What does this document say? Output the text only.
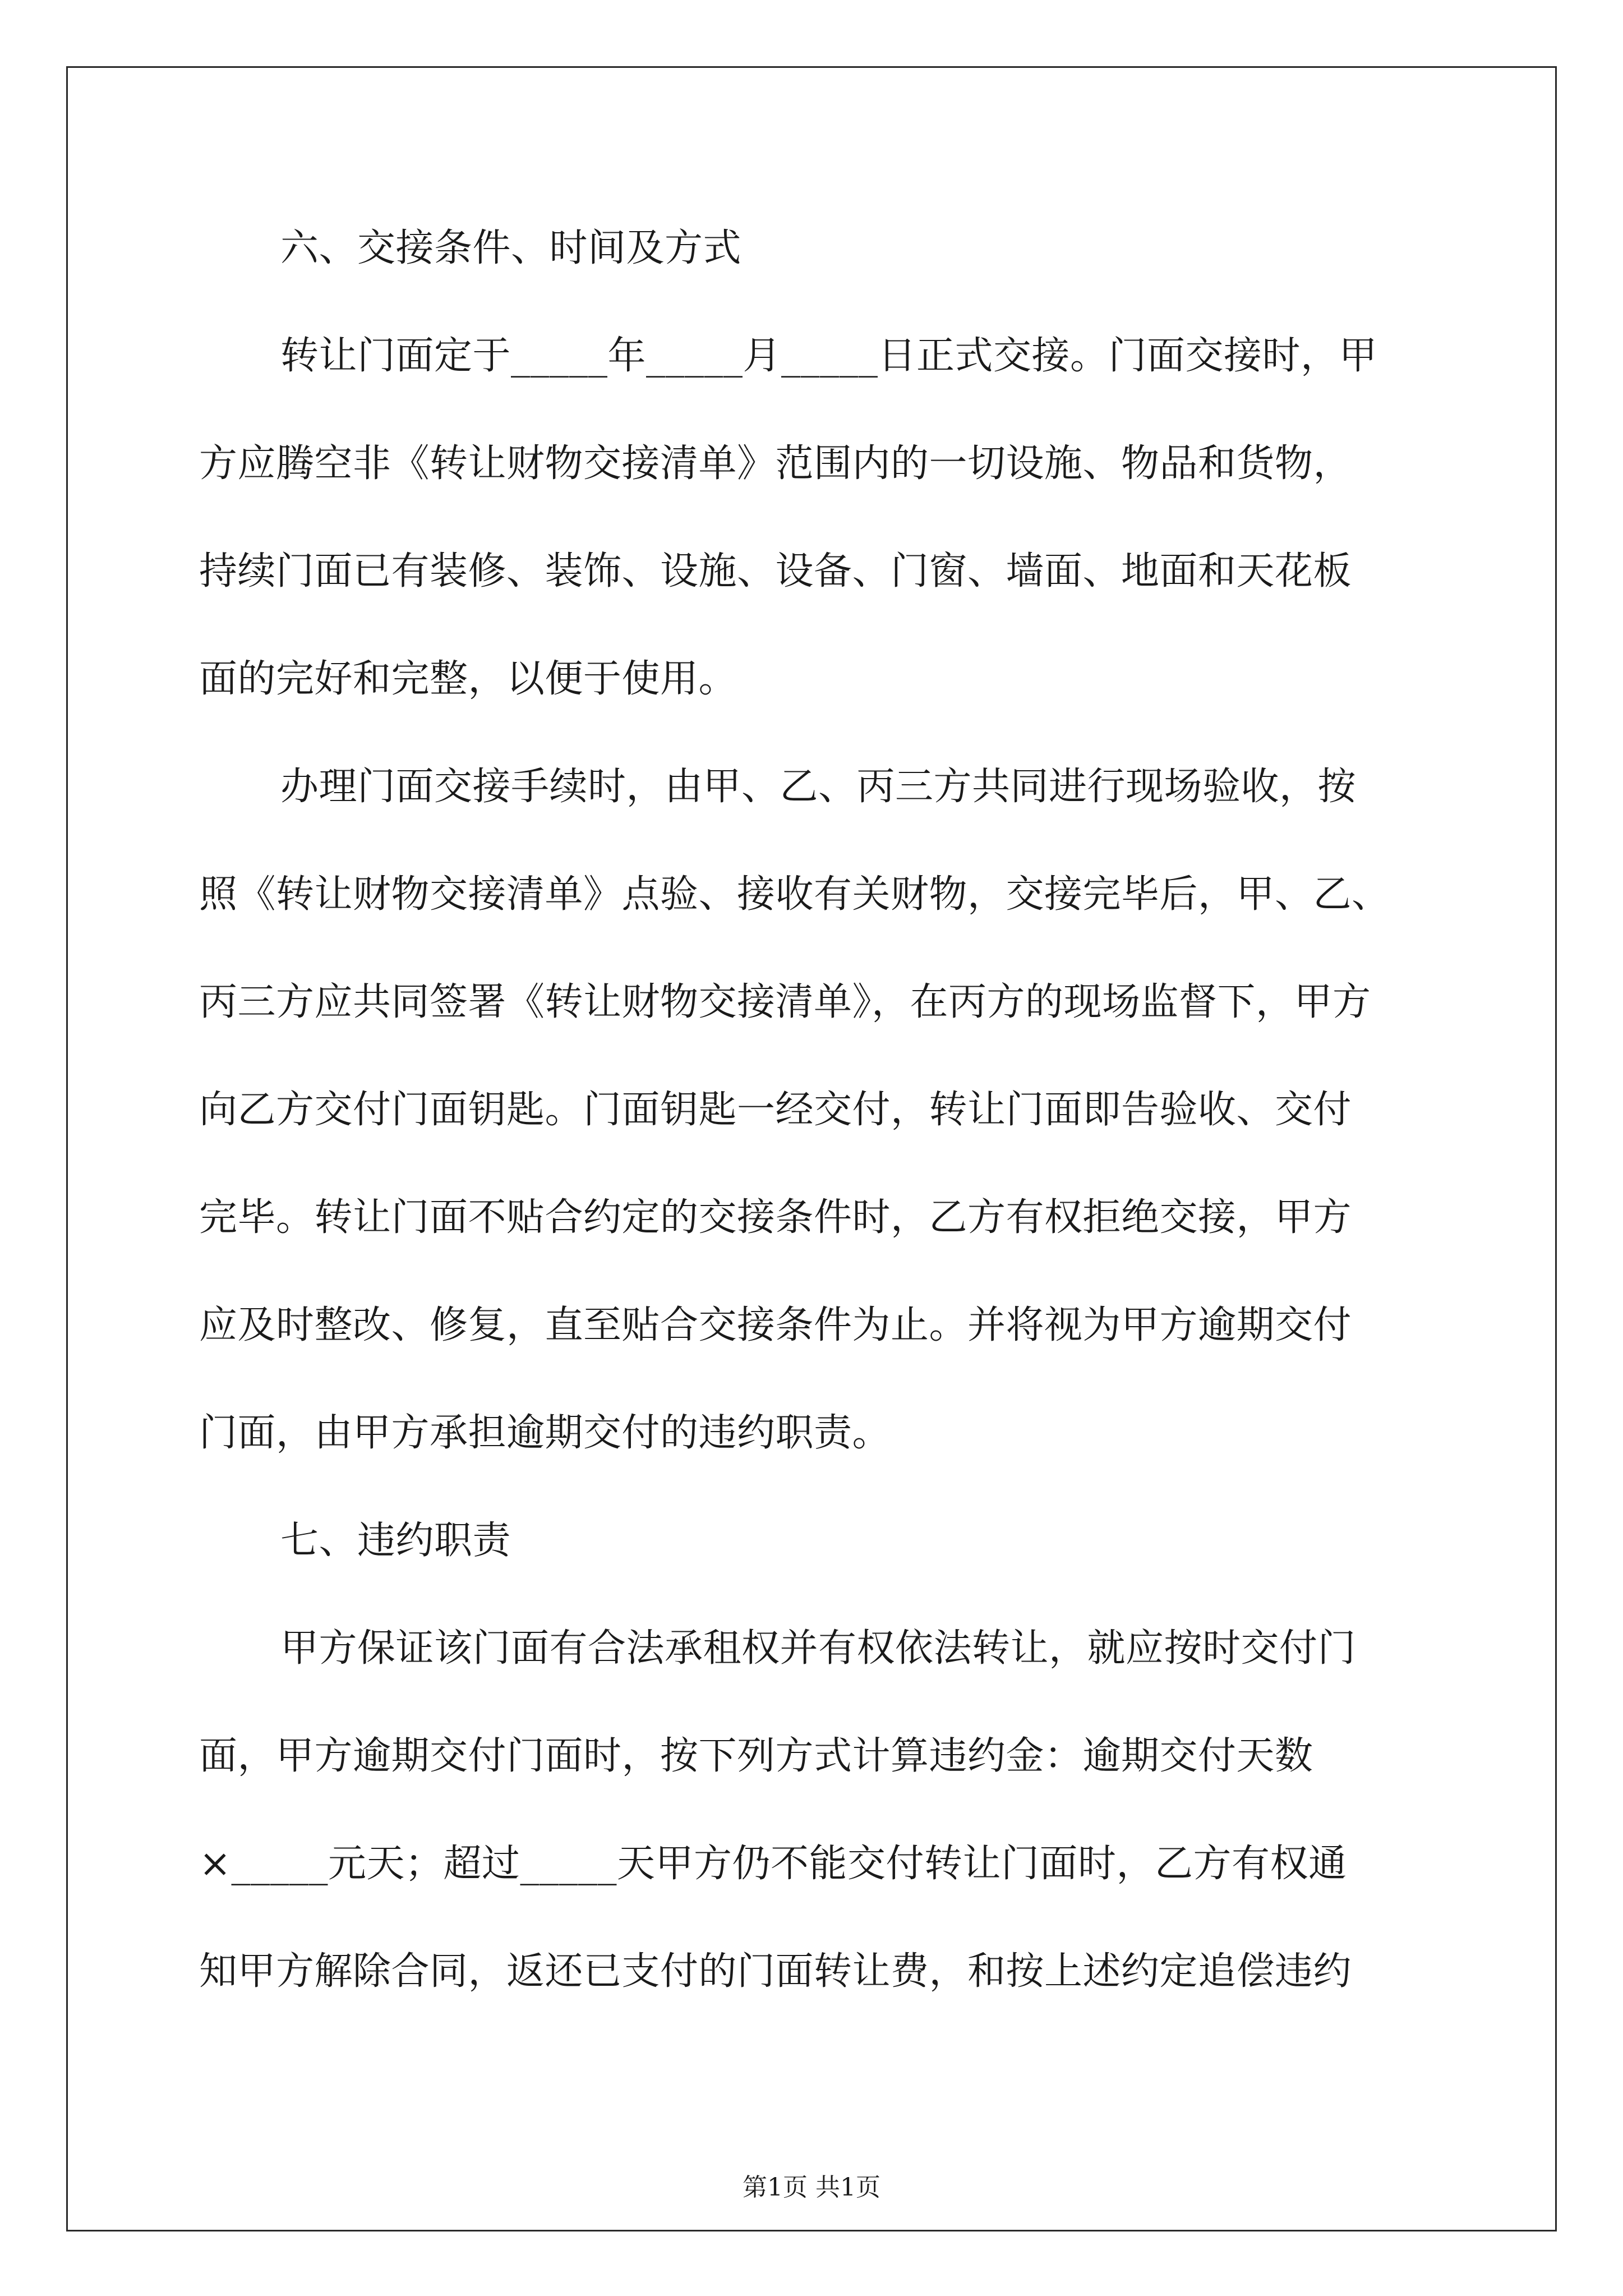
六、交接条件、时间及方式
转让门面定于_____年_____月_____日正式交接。门面交接时，甲
方应腾空非《转让财物交接清单》范围内的一切设施、物品和货物，
持续门面已有装修、装饰、设施、设备、门窗、墙面、地面和天花板
面的完好和完整，以便于使用。
办理门面交接手续时，由甲、乙、丙三方共同进行现场验收，按
照《转让财物交接清单》点验、接收有关财物，交接完毕后，甲、乙、
丙三方应共同签署《转让财物交接清单》，在丙方的现场监督下，甲方
向乙方交付门面钥匙。门面钥匙一经交付，转让门面即告验收、交付
完毕。转让门面不贴合约定的交接条件时，乙方有权拒绝交接，甲方
应及时整改、修复，直至贴合交接条件为止。并将视为甲方逾期交付
门面，由甲方承担逾期交付的违约职责。
七、违约职责
甲方保证该门面有合法承租权并有权依法转让，就应按时交付门
面，甲方逾期交付门面时，按下列方式计算违约金：逾期交付天数
×_____元天；超过_____天甲方仍不能交付转让门面时，乙方有权通
知甲方解除合同，返还已支付的门面转让费，和按上述约定追偿违约
第1页 共1页
